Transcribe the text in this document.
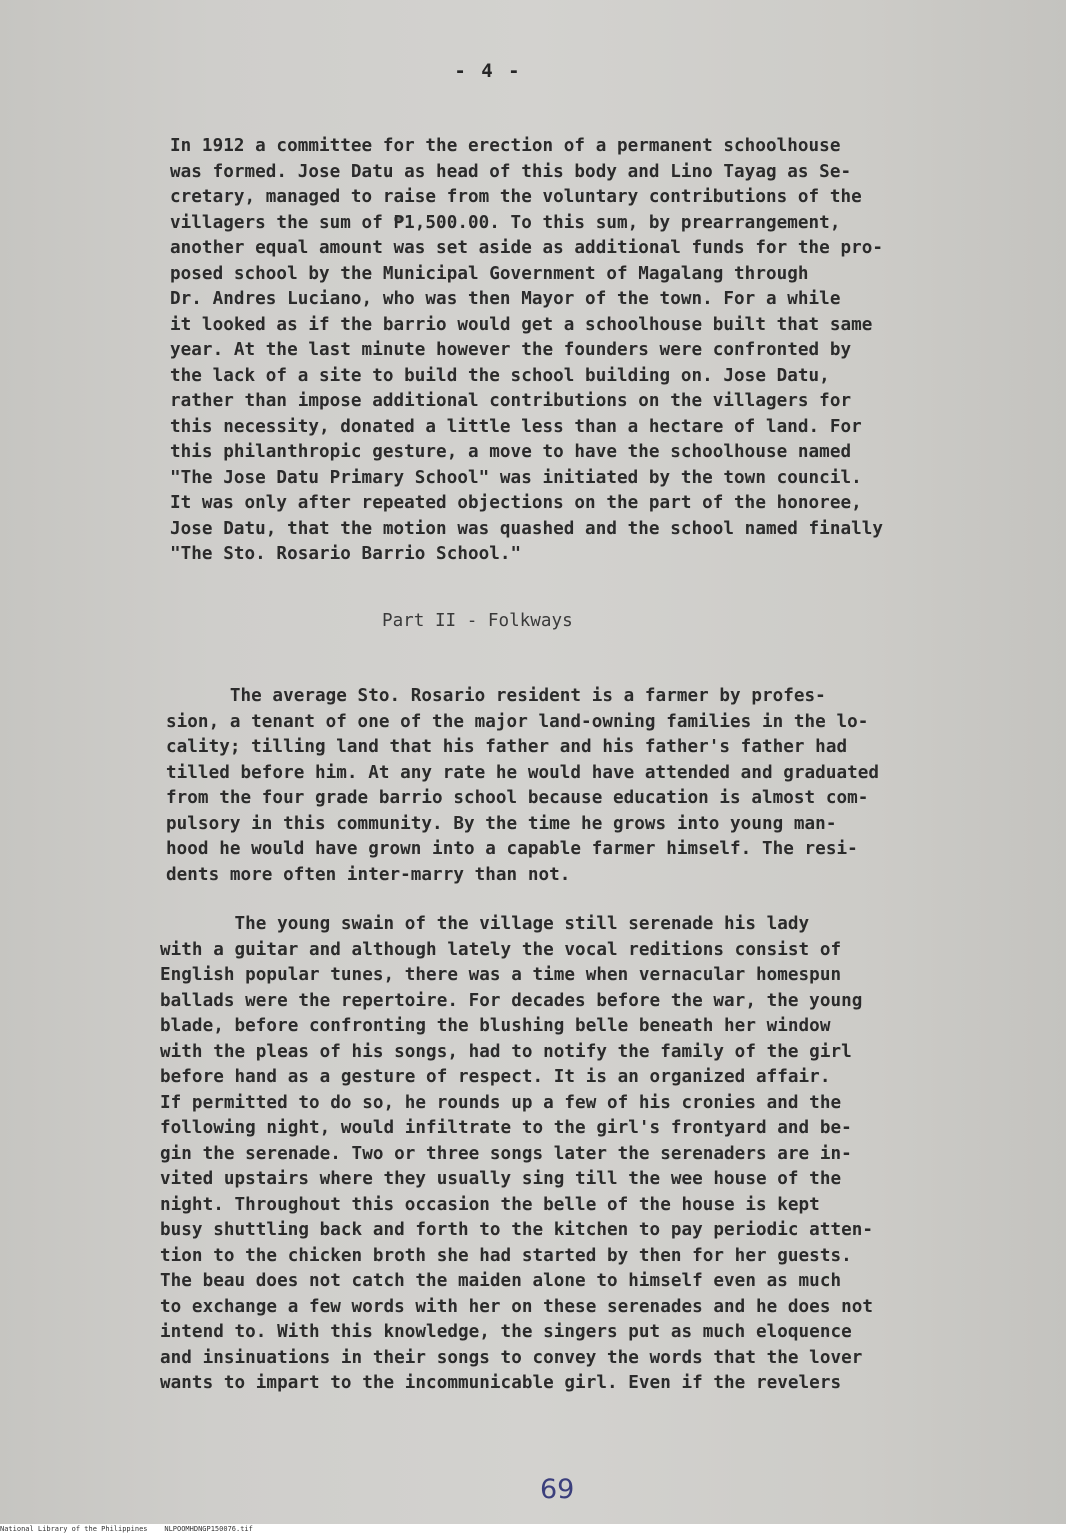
- 4 -

In 1912 a committee for the erection of a permanent schoolhouse
was formed. Jose Datu as head of this body and Lino Tayag as Se-
cretary, managed to raise from the voluntary contributions of the
villagers the sum of ₱1,500.00. To this sum, by prearrangement,
another equal amount was set aside as additional funds for the pro-
posed school by the Municipal Government of Magalang through
Dr. Andres Luciano, who was then Mayor of the town. For a while
it looked as if the barrio would get a schoolhouse built that same
year. At the last minute however the founders were confronted by
the lack of a site to build the school building on. Jose Datu,
rather than impose additional contributions on the villagers for
this necessity, donated a little less than a hectare of land. For
this philanthropic gesture, a move to have the schoolhouse named
"The Jose Datu Primary School" was initiated by the town council.
It was only after repeated objections on the part of the honoree,
Jose Datu, that the motion was quashed and the school named finally
"The Sto. Rosario Barrio School."

Part II - Folkways

The average Sto. Rosario resident is a farmer by profes-
sion, a tenant of one of the major land-owning families in the lo-
cality; tilling land that his father and his father's father had
tilled before him. At any rate he would have attended and graduated
from the four grade barrio school because education is almost com-
pulsory in this community. By the time he grows into young man-
hood he would have grown into a capable farmer himself. The resi-
dents more often inter-marry than not.

The young swain of the village still serenade his lady
with a guitar and although lately the vocal reditions consist of
English popular tunes, there was a time when vernacular homespun
ballads were the repertoire. For decades before the war, the young
blade, before confronting the blushing belle beneath her window
with the pleas of his songs, had to notify the family of the girl
before hand as a gesture of respect. It is an organized affair.
If permitted to do so, he rounds up a few of his cronies and the
following night, would infiltrate to the girl's frontyard and be-
gin the serenade. Two or three songs later the serenaders are in-
vited upstairs where they usually sing till the wee house of the
night. Throughout this occasion the belle of the house is kept
busy shuttling back and forth to the kitchen to pay periodic atten-
tion to the chicken broth she had started by then for her guests.
The beau does not catch the maiden alone to himself even as much
to exchange a few words with her on these serenades and he does not
intend to. With this knowledge, the singers put as much eloquence
and insinuations in their songs to convey the words that the lover
wants to impart to the incommunicable girl. Even if the revelers

69
National Library of the Philippines    NLPOOMHDNGP150076.tif
